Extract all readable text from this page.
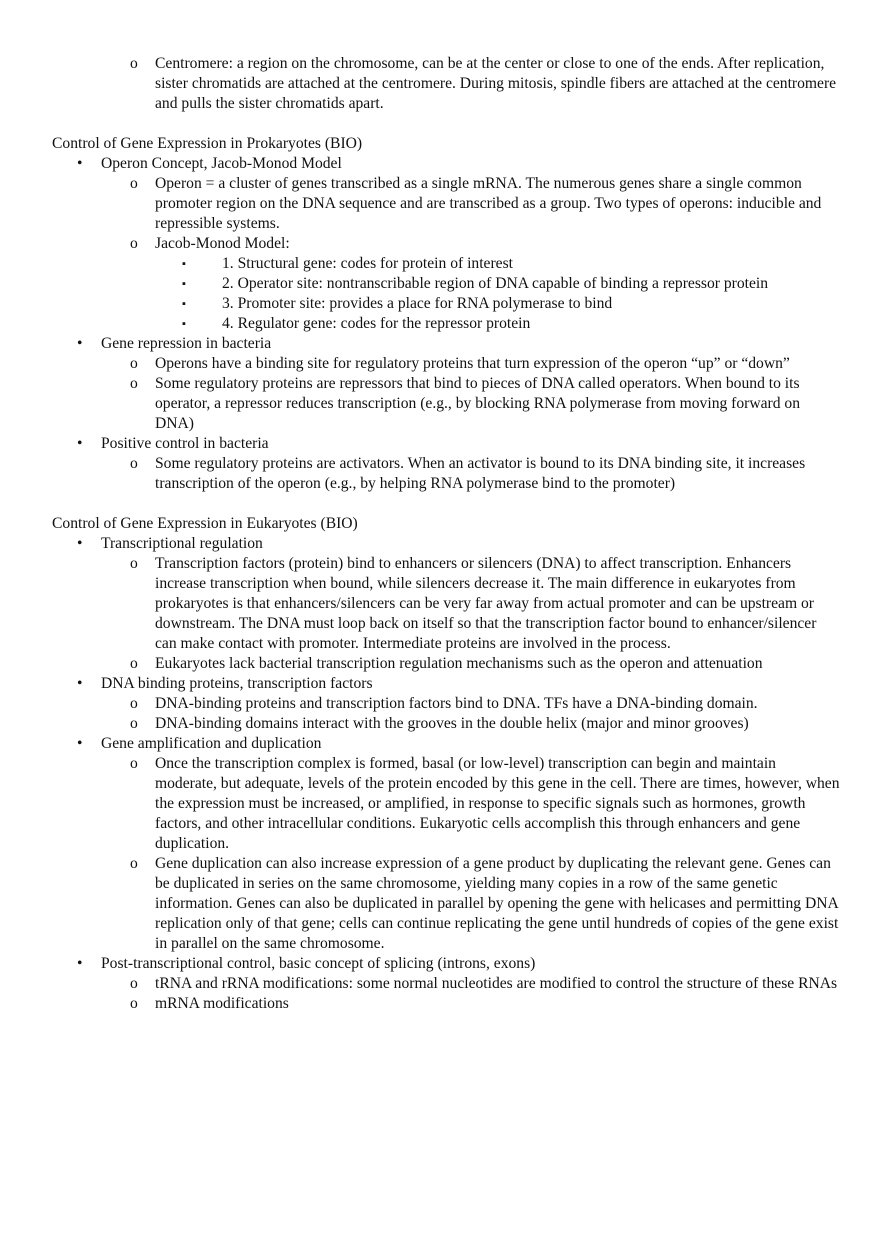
o Centromere: a region on the chromosome, can be at the center or close to one of the ends. After replication, sister chromatids are attached at the centromere. During mitosis, spindle fibers are attached at the centromere and pulls the sister chromatids apart.

Control of Gene Expression in Prokaryotes (BIO)

• Operon Concept, Jacob-Monod Model
o Operon = a cluster of genes transcribed as a single mRNA. The numerous genes share a single common promoter region on the DNA sequence and are transcribed as a group. Two types of operons: inducible and repressible systems.
o Jacob-Monod Model:
▪ 1. Structural gene: codes for protein of interest
▪ 2. Operator site: nontranscribable region of DNA capable of binding a repressor protein
▪ 3. Promoter site: provides a place for RNA polymerase to bind
▪ 4. Regulator gene: codes for the repressor protein
• Gene repression in bacteria
o Operons have a binding site for regulatory proteins that turn expression of the operon “up” or “down”
o Some regulatory proteins are repressors that bind to pieces of DNA called operators. When bound to its operator, a repressor reduces transcription (e.g., by blocking RNA polymerase from moving forward on DNA)
• Positive control in bacteria
o Some regulatory proteins are activators. When an activator is bound to its DNA binding site, it increases transcription of the operon (e.g., by helping RNA polymerase bind to the promoter)

Control of Gene Expression in Eukaryotes (BIO)

• Transcriptional regulation
o Transcription factors (protein) bind to enhancers or silencers (DNA) to affect transcription. Enhancers increase transcription when bound, while silencers decrease it. The main difference in eukaryotes from prokaryotes is that enhancers/silencers can be very far away from actual promoter and can be upstream or downstream. The DNA must loop back on itself so that the transcription factor bound to enhancer/silencer can make contact with promoter. Intermediate proteins are involved in the process.
o Eukaryotes lack bacterial transcription regulation mechanisms such as the operon and attenuation
• DNA binding proteins, transcription factors
o DNA-binding proteins and transcription factors bind to DNA. TFs have a DNA-binding domain.
o DNA-binding domains interact with the grooves in the double helix (major and minor grooves)
• Gene amplification and duplication
o Once the transcription complex is formed, basal (or low-level) transcription can begin and maintain moderate, but adequate, levels of the protein encoded by this gene in the cell. There are times, however, when the expression must be increased, or amplified, in response to specific signals such as hormones, growth factors, and other intracellular conditions. Eukaryotic cells accomplish this through enhancers and gene duplication.
o Gene duplication can also increase expression of a gene product by duplicating the relevant gene. Genes can be duplicated in series on the same chromosome, yielding many copies in a row of the same genetic information. Genes can also be duplicated in parallel by opening the gene with helicases and permitting DNA replication only of that gene; cells can continue replicating the gene until hundreds of copies of the gene exist in parallel on the same chromosome.
• Post-transcriptional control, basic concept of splicing (introns, exons)
o tRNA and rRNA modifications: some normal nucleotides are modified to control the structure of these RNAs
o mRNA modifications
